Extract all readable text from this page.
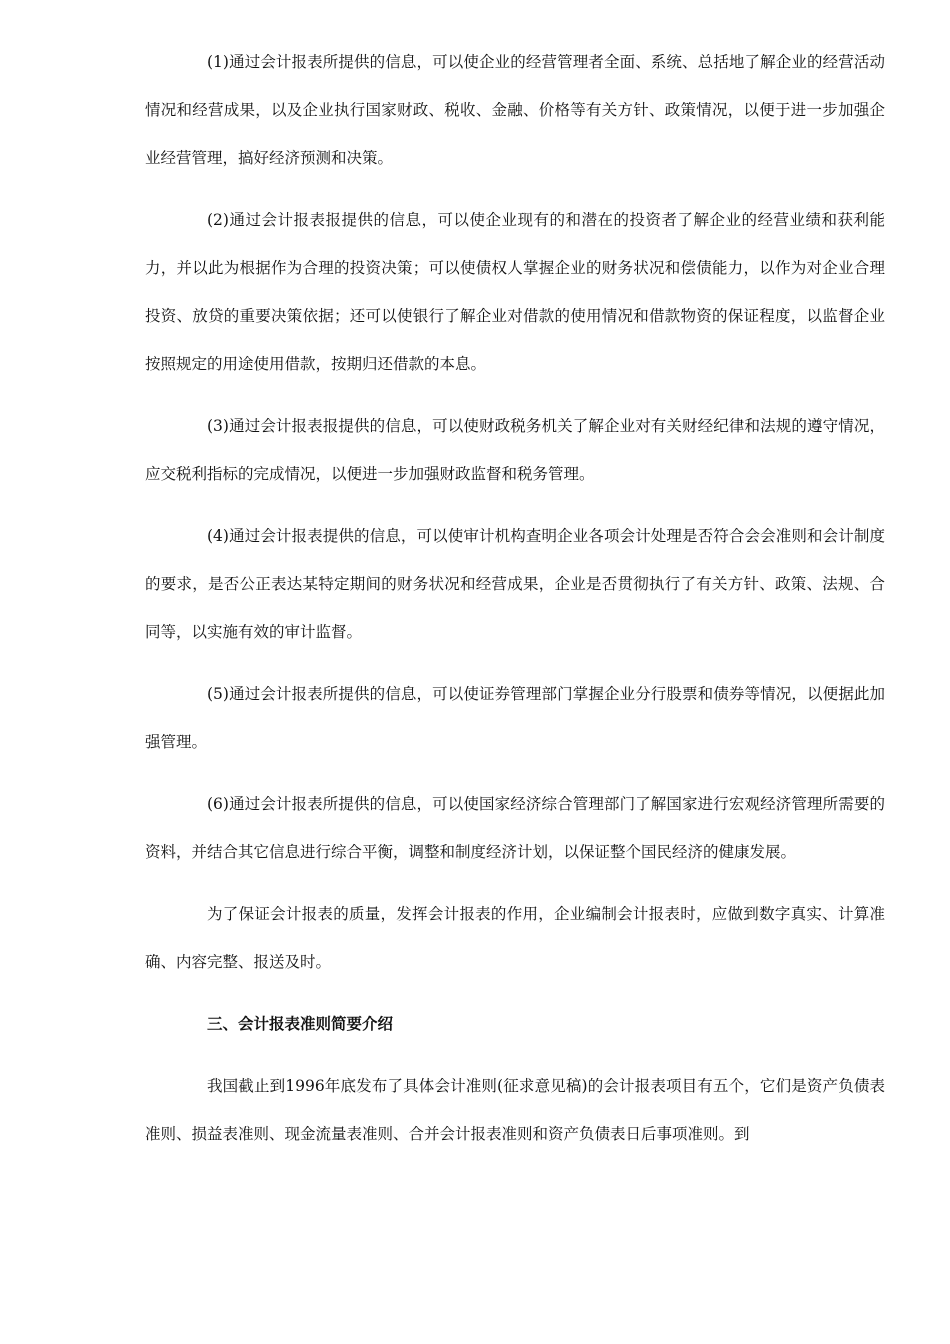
(1)通过会计报表所提供的信息，可以使企业的经营管理者全面、系统、总括地了解企业的经营活动情况和经营成果，以及企业执行国家财政、税收、金融、价格等有关方针、政策情况，以便于进一步加强企业经营管理，搞好经济预测和决策。

(2)通过会计报表报提供的信息，可以使企业现有的和潜在的投资者了解企业的经营业绩和获利能力，并以此为根据作为合理的投资决策；可以使债权人掌握企业的财务状况和偿债能力，以作为对企业合理投资、放贷的重要决策依据；还可以使银行了解企业对借款的使用情况和借款物资的保证程度，以监督企业按照规定的用途使用借款，按期归还借款的本息。

(3)通过会计报表报提供的信息，可以使财政税务机关了解企业对有关财经纪律和法规的遵守情况，应交税利指标的完成情况，以便进一步加强财政监督和税务管理。

(4)通过会计报表提供的信息，可以使审计机构查明企业各项会计处理是否符合会会准则和会计制度的要求，是否公正表达某特定期间的财务状况和经营成果，企业是否贯彻执行了有关方针、政策、法规、合同等，以实施有效的审计监督。

(5)通过会计报表所提供的信息，可以使证券管理部门掌握企业分行股票和债券等情况，以便据此加强管理。

(6)通过会计报表所提供的信息，可以使国家经济综合管理部门了解国家进行宏观经济管理所需要的资料，并结合其它信息进行综合平衡，调整和制度经济计划，以保证整个国民经济的健康发展。

为了保证会计报表的质量，发挥会计报表的作用，企业编制会计报表时，应做到数字真实、计算准确、内容完整、报送及时。

三、会计报表准则简要介绍

我国截止到1996年底发布了具体会计准则(征求意见稿)的会计报表项目有五个，它们是资产负债表准则、损益表准则、现金流量表准则、合并会计报表准则和资产负债表日后事项准则。到
